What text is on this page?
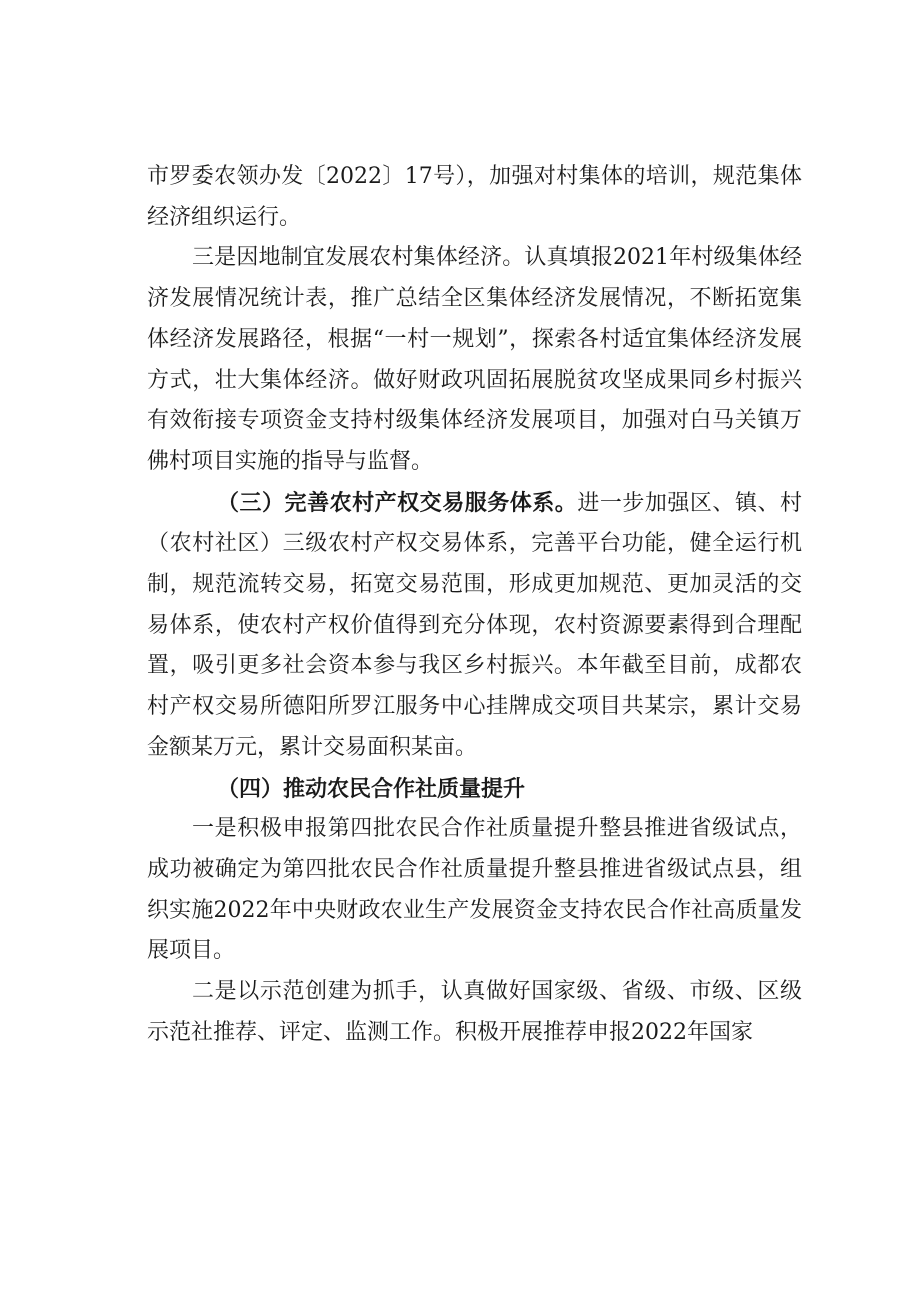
市罗委农领办发〔2022〕17号），加强对村集体的培训，规范集体经济组织运行。

三是因地制宜发展农村集体经济。认真填报2021年村级集体经济发展情况统计表，推广总结全区集体经济发展情况，不断拓宽集体经济发展路径，根据“一村一规划”，探索各村适宜集体经济发展方式，壮大集体经济。做好财政巩固拓展脱贫攻坚成果同乡村振兴有效衔接专项资金支持村级集体经济发展项目，加强对白马关镇万佛村项目实施的指导与监督。

（三）完善农村产权交易服务体系。进一步加强区、镇、村（农村社区）三级农村产权交易体系，完善平台功能，健全运行机制，规范流转交易，拓宽交易范围，形成更加规范、更加灵活的交易体系，使农村产权价值得到充分体现，农村资源要素得到合理配置，吸引更多社会资本参与我区乡村振兴。本年截至目前，成都农村产权交易所德阳所罗江服务中心挂牌成交项目共某宗，累计交易金额某万元，累计交易面积某亩。

（四）推动农民合作社质量提升

一是积极申报第四批农民合作社质量提升整县推进省级试点，成功被确定为第四批农民合作社质量提升整县推进省级试点县，组织实施2022年中央财政农业生产发展资金支持农民合作社高质量发展项目。

二是以示范创建为抓手，认真做好国家级、省级、市级、区级示范社推荐、评定、监测工作。积极开展推荐申报2022年国家
